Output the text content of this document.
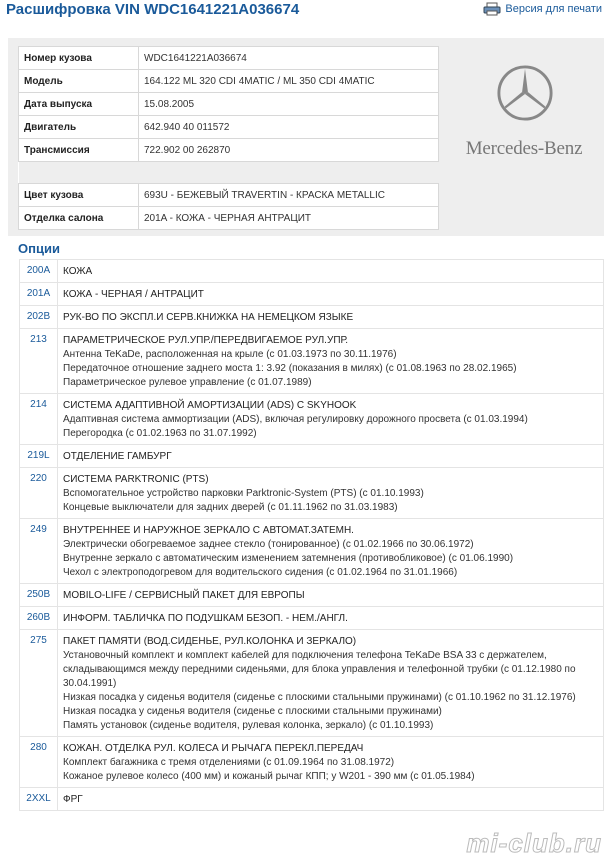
Расшифровка VIN WDC1641221A036674	Версия для печати
Номер кузова	WDC1641221A036674
Модель	164.122 ML 320 CDI 4MATIC / ML 350 CDI 4MATIC
Дата выпуска	15.08.2005
Двигатель	642.940 40 011572
Трансмиссия	722.902 00 262870

Цвет кузова	693U - БЕЖЕВЫЙ TRAVERTIN - КРАСКА METALLIC
Отделка салона	201A - КОЖА - ЧЕРНАЯ АНТРАЦИТ
Mercedes-Benz
Опции
200A	КОЖА
201A	КОЖА - ЧЕРНАЯ / АНТРАЦИТ
202B	РУК-ВО ПО ЭКСПЛ.И СЕРВ.КНИЖКА НА НЕМЕЦКОМ ЯЗЫКЕ
213	ПАРАМЕТРИЧЕСКОЕ РУЛ.УПР./ПЕРЕДВИГАЕМОЕ РУЛ.УПР.
Антенна TeKaDe, расположенная на крыле (с 01.03.1973 по 30.11.1976)
Передаточное отношение заднего моста 1: 3.92 (показания в милях) (с 01.08.1963 по 28.02.1965)
Параметрическое рулевое управление (с 01.07.1989)
214	СИСТЕМА АДАПТИВНОЙ АМОРТИЗАЦИИ (ADS) C SKYHOOK
Адаптивная система аммортизации (ADS), включая регулировку дорожного просвета (с 01.03.1994)
Перегородка (с 01.02.1963 по 31.07.1992)
219L	ОТДЕЛЕНИЕ ГАМБУРГ
220	СИСТЕМА PARKTRONIC (PTS)
Вспомогательное устройство парковки Parktronic-System (PTS) (с 01.10.1993)
Концевые выключатели для задних дверей (с 01.11.1962 по 31.03.1983)
249	ВНУТРЕННЕЕ И НАРУЖНОЕ ЗЕРКАЛО С АВТОМАТ.ЗАТЕМН.
Электрически обогреваемое заднее стекло (тонированное) (с 01.02.1966 по 30.06.1972)
Внутренне зеркало с автоматическим изменением затемнения (противобликовое) (с 01.06.1990)
Чехол с электроподогревом для водительского сидения (с 01.02.1964 по 31.01.1966)
250B	MOBILO-LIFE / СЕРВИСНЫЙ ПАКЕТ ДЛЯ ЕВРОПЫ
260B	ИНФОРМ. ТАБЛИЧКА ПО ПОДУШКАМ БЕЗОП. - НЕМ./АНГЛ.
275	ПАКЕТ ПАМЯТИ (ВОД.СИДЕНЬЕ, РУЛ.КОЛОНКА И ЗЕРКАЛО)
Установочный комплект и комплект кабелей для подключения телефона TeKaDe BSA 33 с держателем, складывающимся между передними сиденьями, для блока управления и телефонной трубки (с 01.12.1980 по 30.04.1991)
Низкая посадка у сиденья водителя (сиденье с плоскими стальными пружинами) (с 01.10.1962 по 31.12.1976)
Низкая посадка у сиденья водителя (сиденье с плоскими стальными пружинами)
Память установок (сиденье водителя, рулевая колонка, зеркало) (с 01.10.1993)
280	КОЖАН. ОТДЕЛКА РУЛ. КОЛЕСА И РЫЧАГА ПЕРЕКЛ.ПЕРЕДАЧ
Комплект багажника с тремя отделениями (с 01.09.1964 по 31.08.1972)
Кожаное рулевое колесо (400 мм) и кожаный рычаг КПП; у W201 - 390 мм (с 01.05.1984)
2XXL	ФРГ
mi-club.ru
